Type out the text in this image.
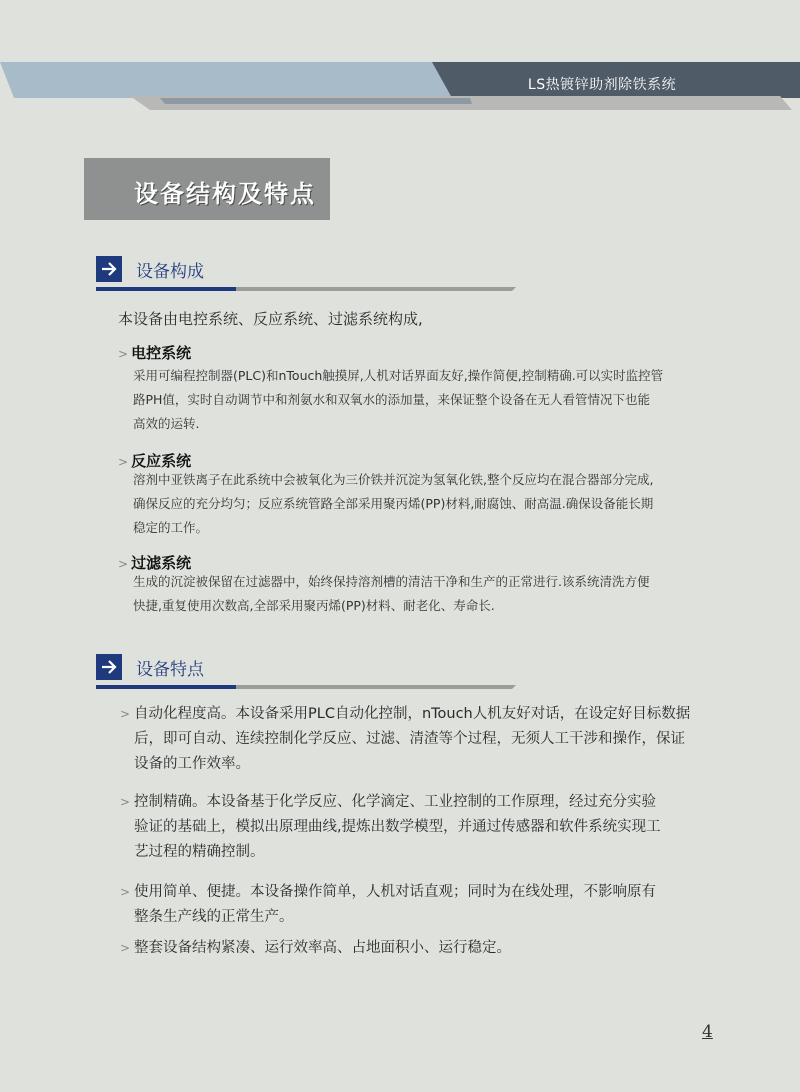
LS热镀锌助剂除铁系统
设备结构及特点
设备构成
本设备由电控系统、反应系统、过滤系统构成,
> 电控系统
采用可编程控制器(PLC)和nTouch触摸屏,人机对话界面友好,操作简便,控制精确.可以实时监控管
路PH值，实时自动调节中和剂氨水和双氧水的添加量，来保证整个设备在无人看管情况下也能
高效的运转.
> 反应系统
溶剂中亚铁离子在此系统中会被氧化为三价铁并沉淀为氢氧化铁,整个反应均在混合器部分完成,
确保反应的充分均匀；反应系统管路全部采用聚丙烯(PP)材料,耐腐蚀、耐高温.确保设备能长期
稳定的工作。
> 过滤系统
生成的沉淀被保留在过滤器中，始终保持溶剂槽的清洁干净和生产的正常进行.该系统清洗方便
快捷,重复使用次数高,全部采用聚丙烯(PP)材料、耐老化、寿命长.
设备特点
> 自动化程度高。本设备采用PLC自动化控制，nTouch人机友好对话，在设定好目标数据
后，即可自动、连续控制化学反应、过滤、清渣等个过程，无须人工干涉和操作，保证
设备的工作效率。
> 控制精确。本设备基于化学反应、化学滴定、工业控制的工作原理，经过充分实验
验证的基础上，模拟出原理曲线,提炼出数学模型，并通过传感器和软件系统实现工
艺过程的精确控制。
> 使用简单、便捷。本设备操作简单，人机对话直观；同时为在线处理，不影响原有
整条生产线的正常生产。
> 整套设备结构紧凑、运行效率高、占地面积小、运行稳定。
4
